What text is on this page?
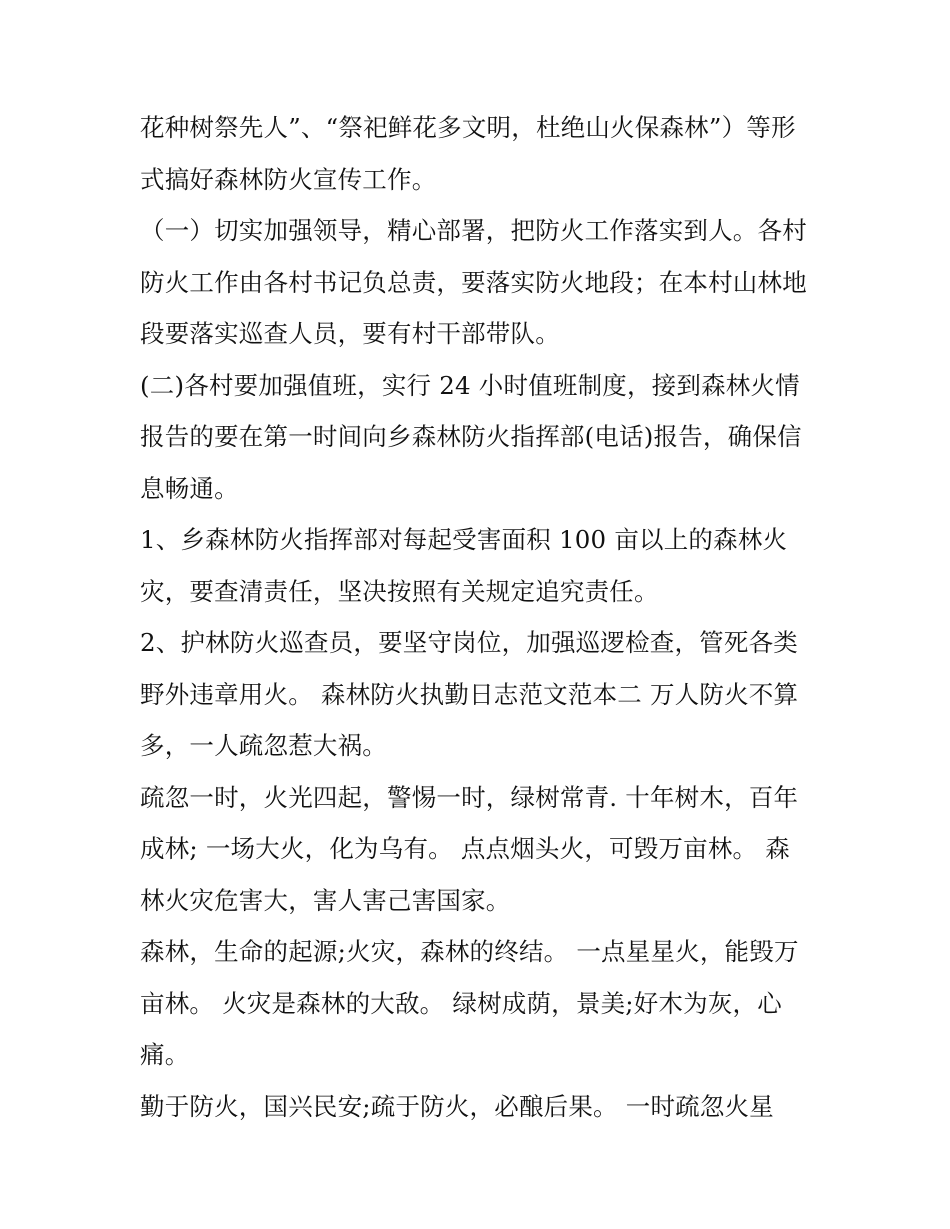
花种树祭先人”、“祭祀鲜花多文明，杜绝山火保森林”）等形
式搞好森林防火宣传工作。
（一）切实加强领导，精心部署，把防火工作落实到人。各村
防火工作由各村书记负总责，要落实防火地段；在本村山林地
段要落实巡查人员，要有村干部带队。
(二)各村要加强值班，实行 24 小时值班制度，接到森林火情
报告的要在第一时间向乡森林防火指挥部(电话)报告，确保信
息畅通。
1、乡森林防火指挥部对每起受害面积 100 亩以上的森林火
灾，要查清责任，坚决按照有关规定追究责任。
2、护林防火巡查员，要坚守岗位，加强巡逻检查，管死各类
野外违章用火。 森林防火执勤日志范文范本二 万人防火不算
多，一人疏忽惹大祸。
疏忽一时，火光四起，警惕一时，绿树常青. 十年树木，百年
成林; 一场大火，化为乌有。 点点烟头火，可毁万亩林。 森
林火灾危害大，害人害己害国家。
森林，生命的起源;火灾，森林的终结。 一点星星火，能毁万
亩林。 火灾是森林的大敌。 绿树成荫，景美;好木为灰，心
痛。
勤于防火，国兴民安;疏于防火，必酿后果。 一时疏忽火星
